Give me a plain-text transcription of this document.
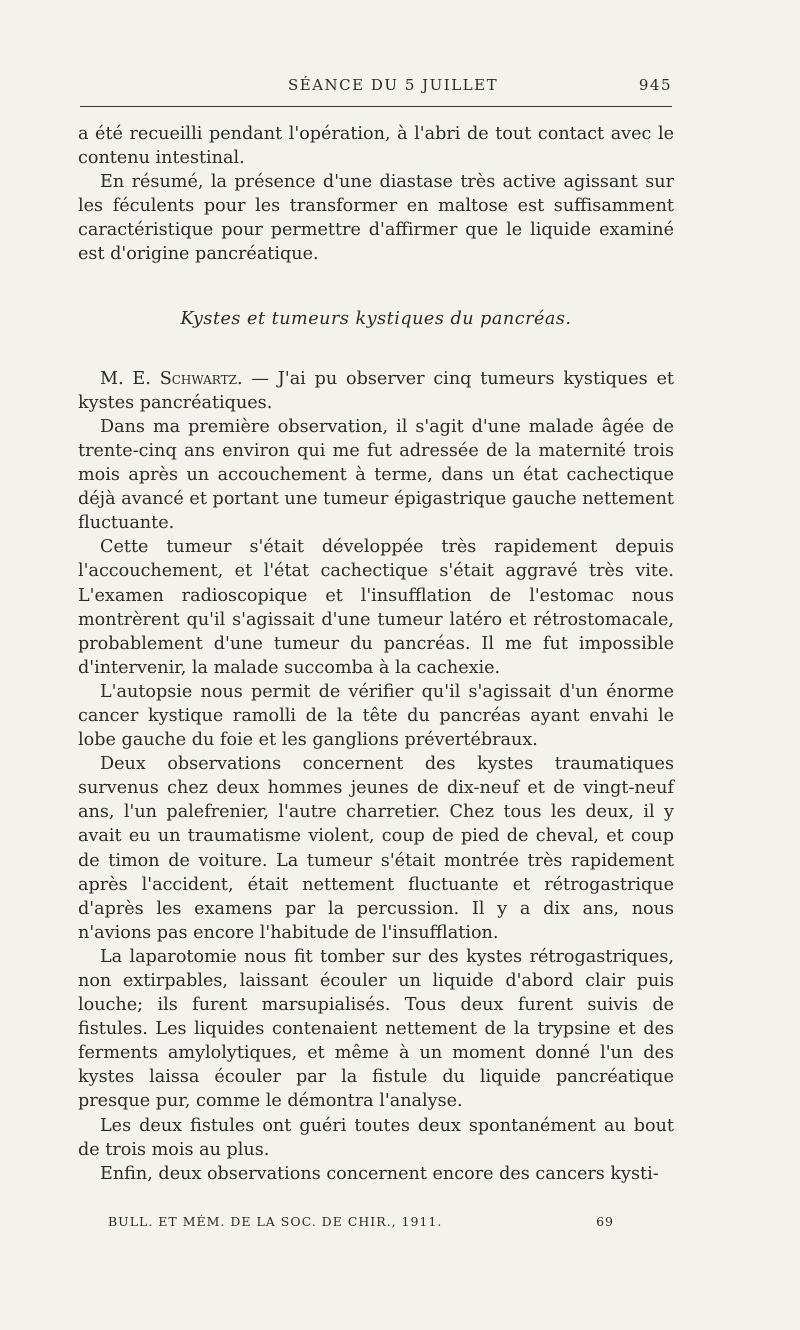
SÉANCE DU 5 JUILLET	945

a été recueilli pendant l'opération, à l'abri de tout contact avec le contenu intestinal.

En résumé, la présence d'une diastase très active agissant sur les féculents pour les transformer en maltose est suffisamment caractéristique pour permettre d'affirmer que le liquide examiné est d'origine pancréatique.

Kystes et tumeurs kystiques du pancréas.

M. E. Schwartz. — J'ai pu observer cinq tumeurs kystiques et kystes pancréatiques.

Dans ma première observation, il s'agit d'une malade âgée de trente-cinq ans environ qui me fut adressée de la maternité trois mois après un accouchement à terme, dans un état cachectique déjà avancé et portant une tumeur épigastrique gauche nettement fluctuante.

Cette tumeur s'était développée très rapidement depuis l'accouchement, et l'état cachectique s'était aggravé très vite. L'examen radioscopique et l'insufflation de l'estomac nous montrèrent qu'il s'agissait d'une tumeur latéro et rétrostomacale, probablement d'une tumeur du pancréas. Il me fut impossible d'intervenir, la malade succomba à la cachexie.

L'autopsie nous permit de vérifier qu'il s'agissait d'un énorme cancer kystique ramolli de la tête du pancréas ayant envahi le lobe gauche du foie et les ganglions prévertébraux.

Deux observations concernent des kystes traumatiques survenus chez deux hommes jeunes de dix-neuf et de vingt-neuf ans, l'un palefrenier, l'autre charretier. Chez tous les deux, il y avait eu un traumatisme violent, coup de pied de cheval, et coup de timon de voiture. La tumeur s'était montrée très rapidement après l'accident, était nettement fluctuante et rétrogastrique d'après les examens par la percussion. Il y a dix ans, nous n'avions pas encore l'habitude de l'insufflation.

La laparotomie nous fit tomber sur des kystes rétrogastriques, non extirpables, laissant écouler un liquide d'abord clair puis louche; ils furent marsupialisés. Tous deux furent suivis de fistules. Les liquides contenaient nettement de la trypsine et des ferments amylolytiques, et même à un moment donné l'un des kystes laissa écouler par la fistule du liquide pancréatique presque pur, comme le démontra l'analyse.

Les deux fistules ont guéri toutes deux spontanément au bout de trois mois au plus.

Enfin, deux observations concernent encore des cancers kysti-

BULL. ET MÉM. DE LA SOC. DE CHIR., 1911.	69
